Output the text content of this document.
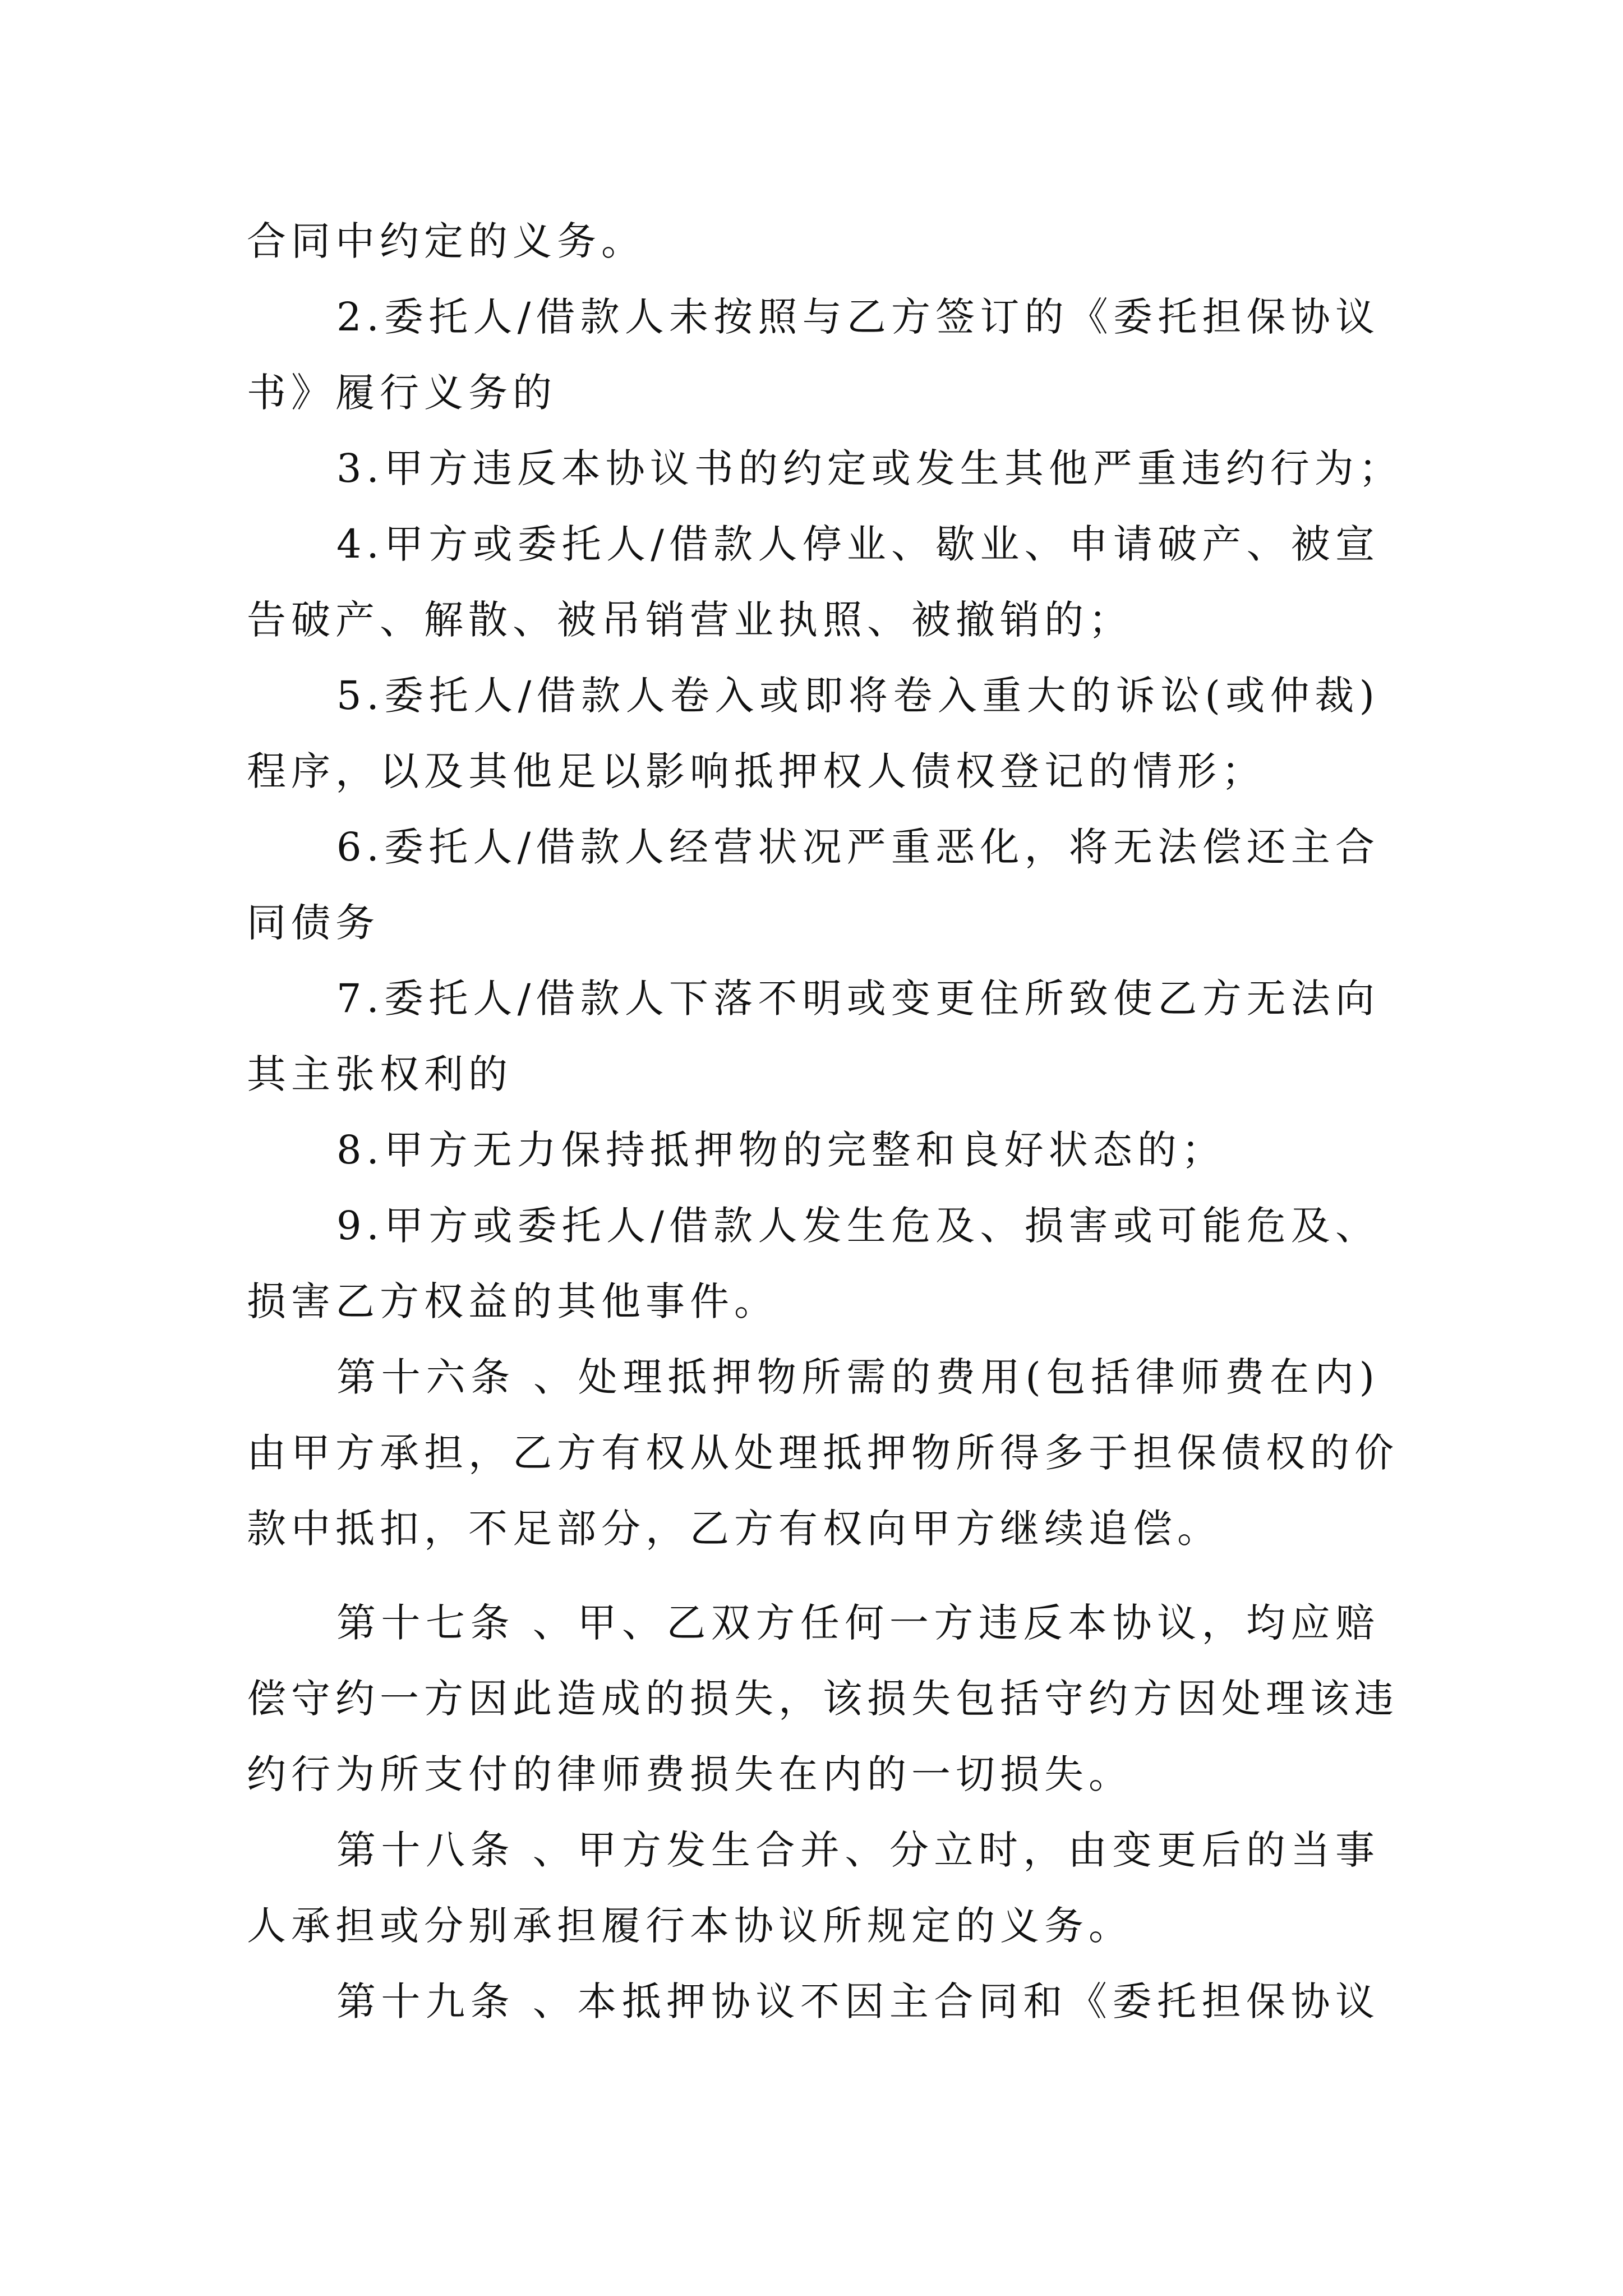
合同中约定的义务。
2.委托人/借款人未按照与乙方签订的《委托担保协议
书》履行义务的
3.甲方违反本协议书的约定或发生其他严重违约行为；
4.甲方或委托人/借款人停业、歇业、申请破产、被宣
告破产、解散、被吊销营业执照、被撤销的；
5.委托人/借款人卷入或即将卷入重大的诉讼(或仲裁)
程序，以及其他足以影响抵押权人债权登记的情形；
6.委托人/借款人经营状况严重恶化，将无法偿还主合
同债务
7.委托人/借款人下落不明或变更住所致使乙方无法向
其主张权利的
8.甲方无力保持抵押物的完整和良好状态的；
9.甲方或委托人/借款人发生危及、损害或可能危及、
损害乙方权益的其他事件。
第十六条 、处理抵押物所需的费用(包括律师费在内)
由甲方承担，乙方有权从处理抵押物所得多于担保债权的价
款中抵扣，不足部分，乙方有权向甲方继续追偿。
第十七条 、甲、乙双方任何一方违反本协议，均应赔
偿守约一方因此造成的损失，该损失包括守约方因处理该违
约行为所支付的律师费损失在内的一切损失。
第十八条 、甲方发生合并、分立时，由变更后的当事
人承担或分别承担履行本协议所规定的义务。
第十九条 、本抵押协议不因主合同和《委托担保协议
